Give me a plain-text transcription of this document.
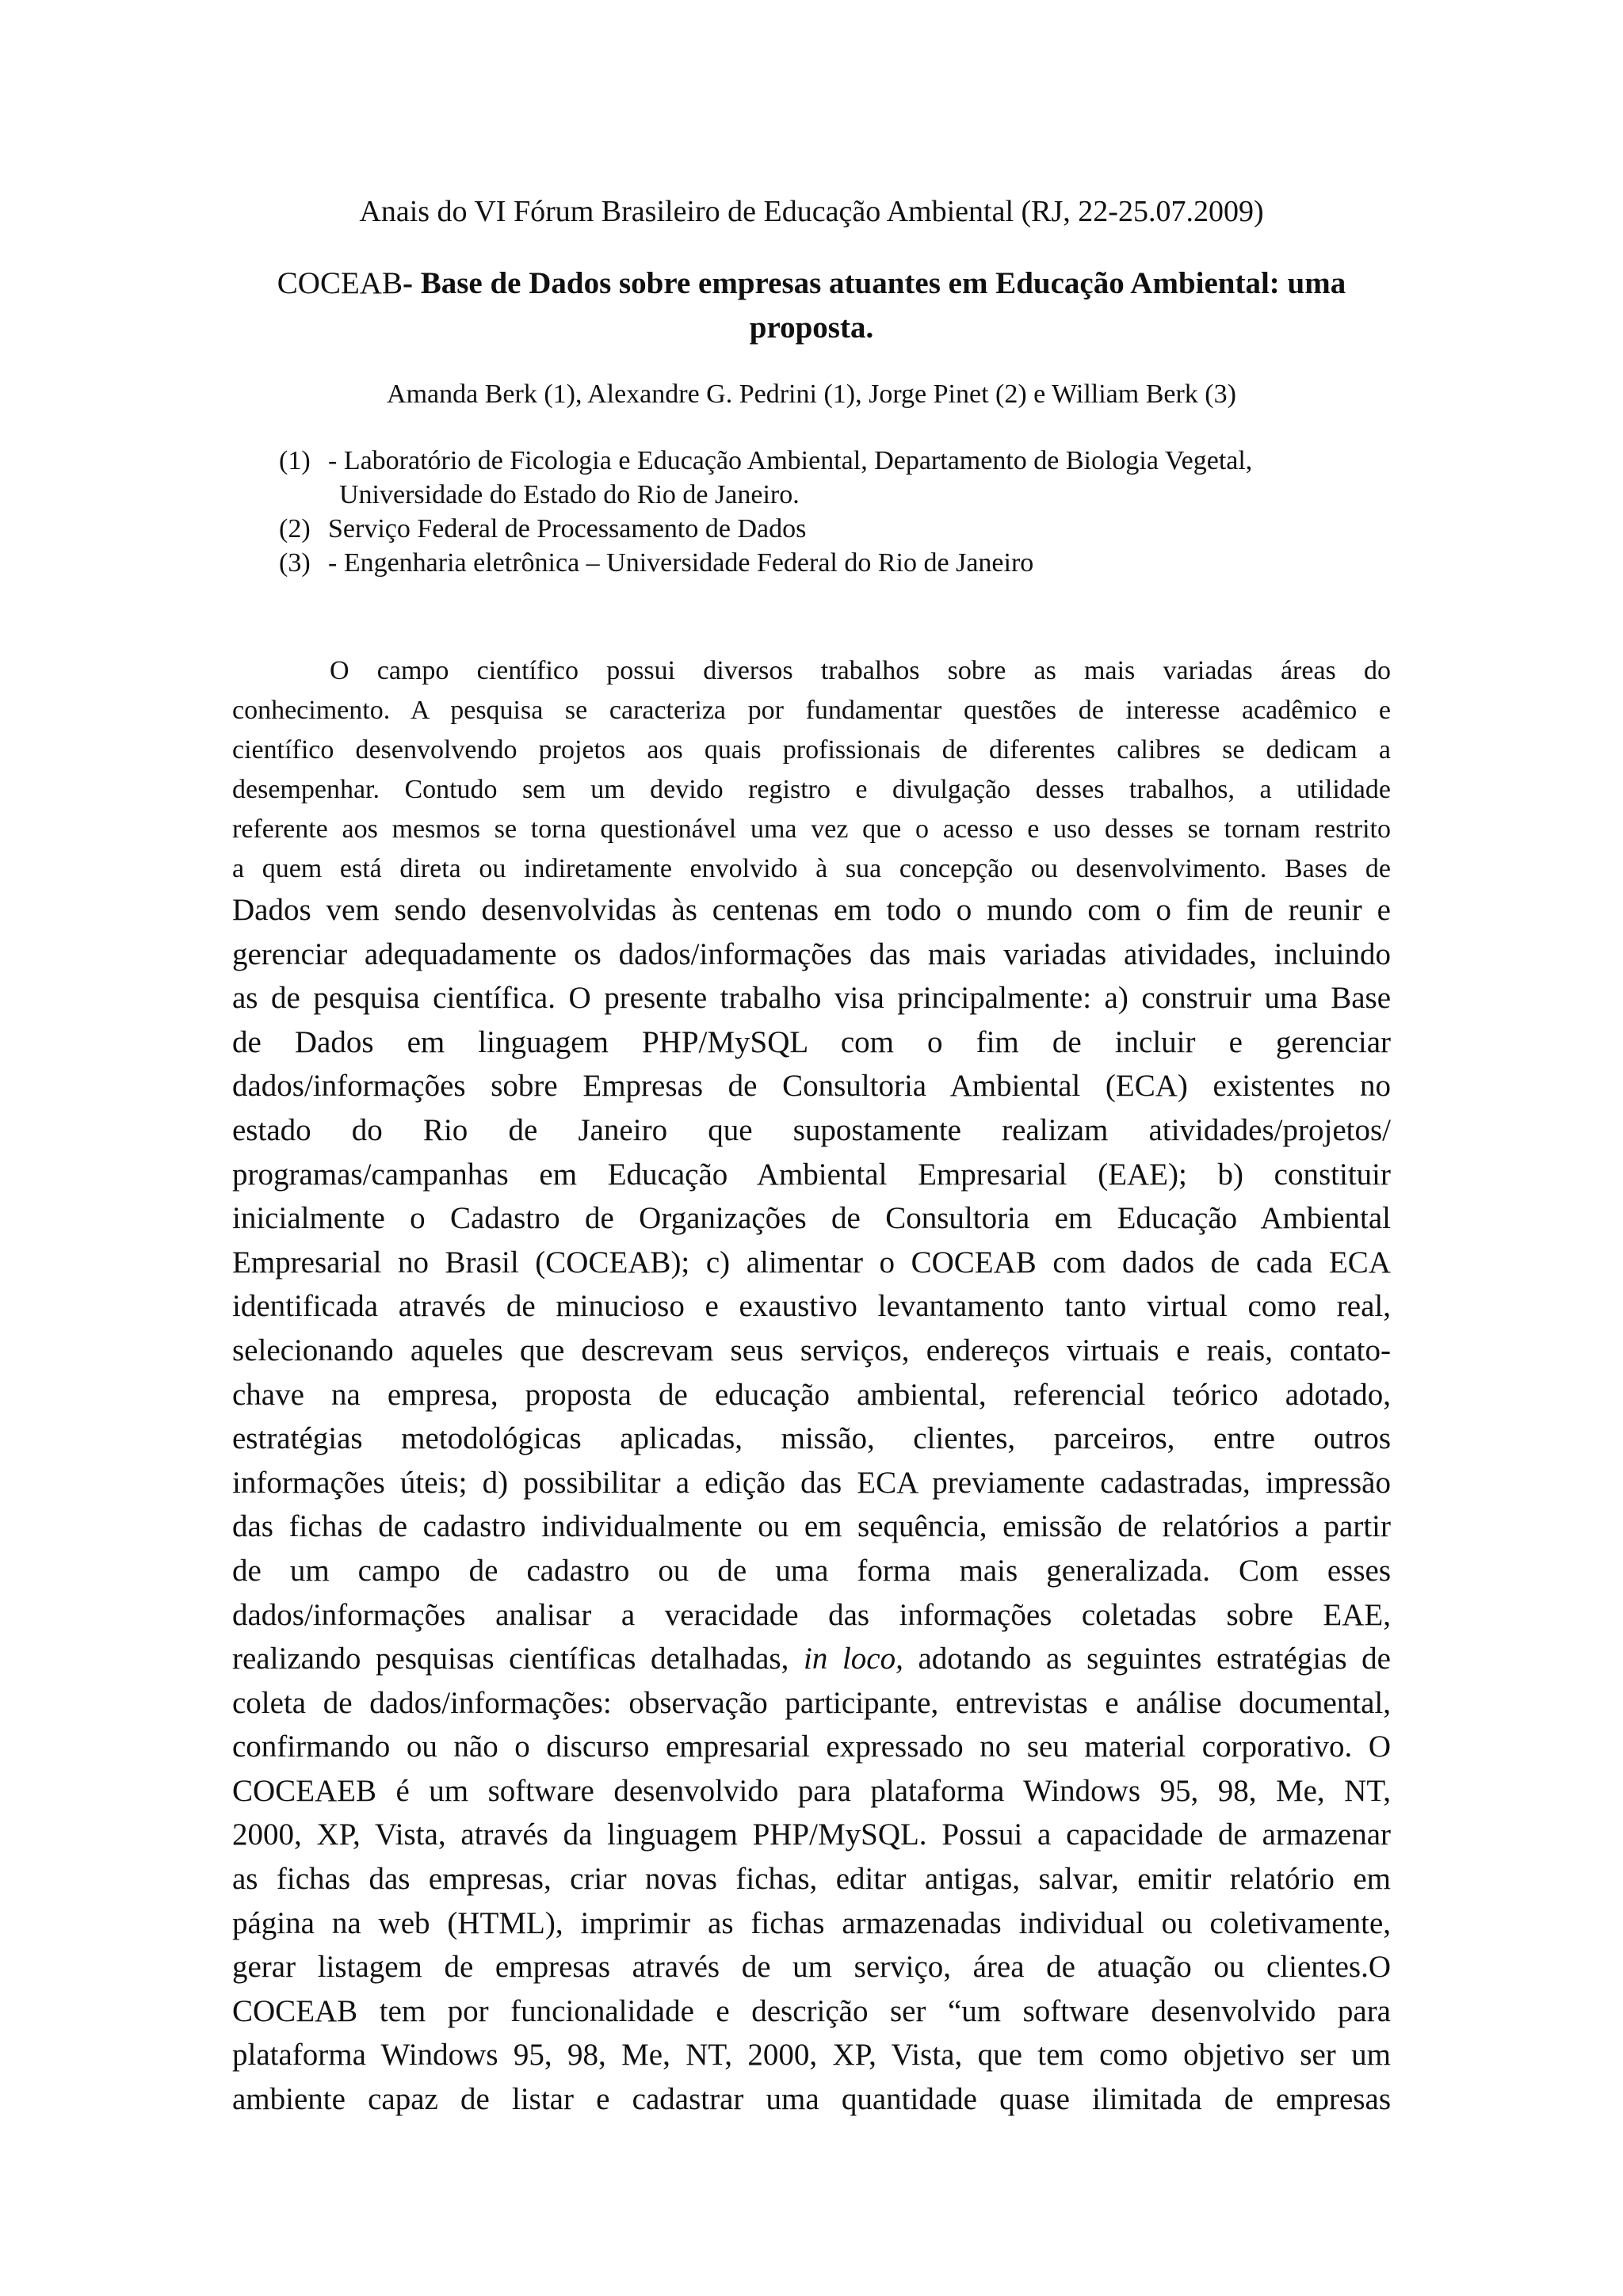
Anais do VI Fórum Brasileiro de Educação Ambiental (RJ, 22-25.07.2009)
COCEAB- Base de Dados sobre empresas atuantes em Educação Ambiental: uma
proposta.
Amanda Berk (1), Alexandre G. Pedrini (1), Jorge Pinet (2) e William Berk (3)
(1) - Laboratório de Ficologia e Educação Ambiental, Departamento de Biologia Vegetal,
Universidade do Estado do Rio de Janeiro.
(2) Serviço Federal de Processamento de Dados
(3) - Engenharia eletrônica – Universidade Federal do Rio de Janeiro
O campo científico possui diversos trabalhos sobre as mais variadas áreas do
conhecimento. A pesquisa se caracteriza por fundamentar questões de interesse acadêmico e
científico desenvolvendo projetos aos quais profissionais de diferentes calibres se dedicam a
desempenhar. Contudo sem um devido registro e divulgação desses trabalhos, a utilidade
referente aos mesmos se torna questionável uma vez que o acesso e uso desses se tornam restrito
a quem está direta ou indiretamente envolvido à sua concepção ou desenvolvimento. Bases de
Dados vem sendo desenvolvidas às centenas em todo o mundo com o fim de reunir e
gerenciar adequadamente os dados/informações das mais variadas atividades, incluindo
as de pesquisa científica. O presente trabalho visa principalmente: a) construir uma Base
de Dados em linguagem PHP/MySQL com o fim de incluir e gerenciar
dados/informações sobre Empresas de Consultoria Ambiental (ECA) existentes no
estado do Rio de Janeiro que supostamente realizam atividades/projetos/
programas/campanhas em Educação Ambiental Empresarial (EAE); b) constituir
inicialmente o Cadastro de Organizações de Consultoria em Educação Ambiental
Empresarial no Brasil (COCEAB); c) alimentar o COCEAB com dados de cada ECA
identificada através de minucioso e exaustivo levantamento tanto virtual como real,
selecionando aqueles que descrevam seus serviços, endereços virtuais e reais, contato-
chave na empresa, proposta de educação ambiental, referencial teórico adotado,
estratégias metodológicas aplicadas, missão, clientes, parceiros, entre outros
informações úteis; d) possibilitar a edição das ECA previamente cadastradas, impressão
das fichas de cadastro individualmente ou em sequência, emissão de relatórios a partir
de um campo de cadastro ou de uma forma mais generalizada. Com esses
dados/informações analisar a veracidade das informações coletadas sobre EAE,
realizando pesquisas científicas detalhadas, in loco, adotando as seguintes estratégias de
coleta de dados/informações: observação participante, entrevistas e análise documental,
confirmando ou não o discurso empresarial expressado no seu material corporativo. O
COCEAEB é um software desenvolvido para plataforma Windows 95, 98, Me, NT,
2000, XP, Vista, através da linguagem PHP/MySQL. Possui a capacidade de armazenar
as fichas das empresas, criar novas fichas, editar antigas, salvar, emitir relatório em
página na web (HTML), imprimir as fichas armazenadas individual ou coletivamente,
gerar listagem de empresas através de um serviço, área de atuação ou clientes.O
COCEAB tem por funcionalidade e descrição ser “um software desenvolvido para
plataforma Windows 95, 98, Me, NT, 2000, XP, Vista, que tem como objetivo ser um
ambiente capaz de listar e cadastrar uma quantidade quase ilimitada de empresas
